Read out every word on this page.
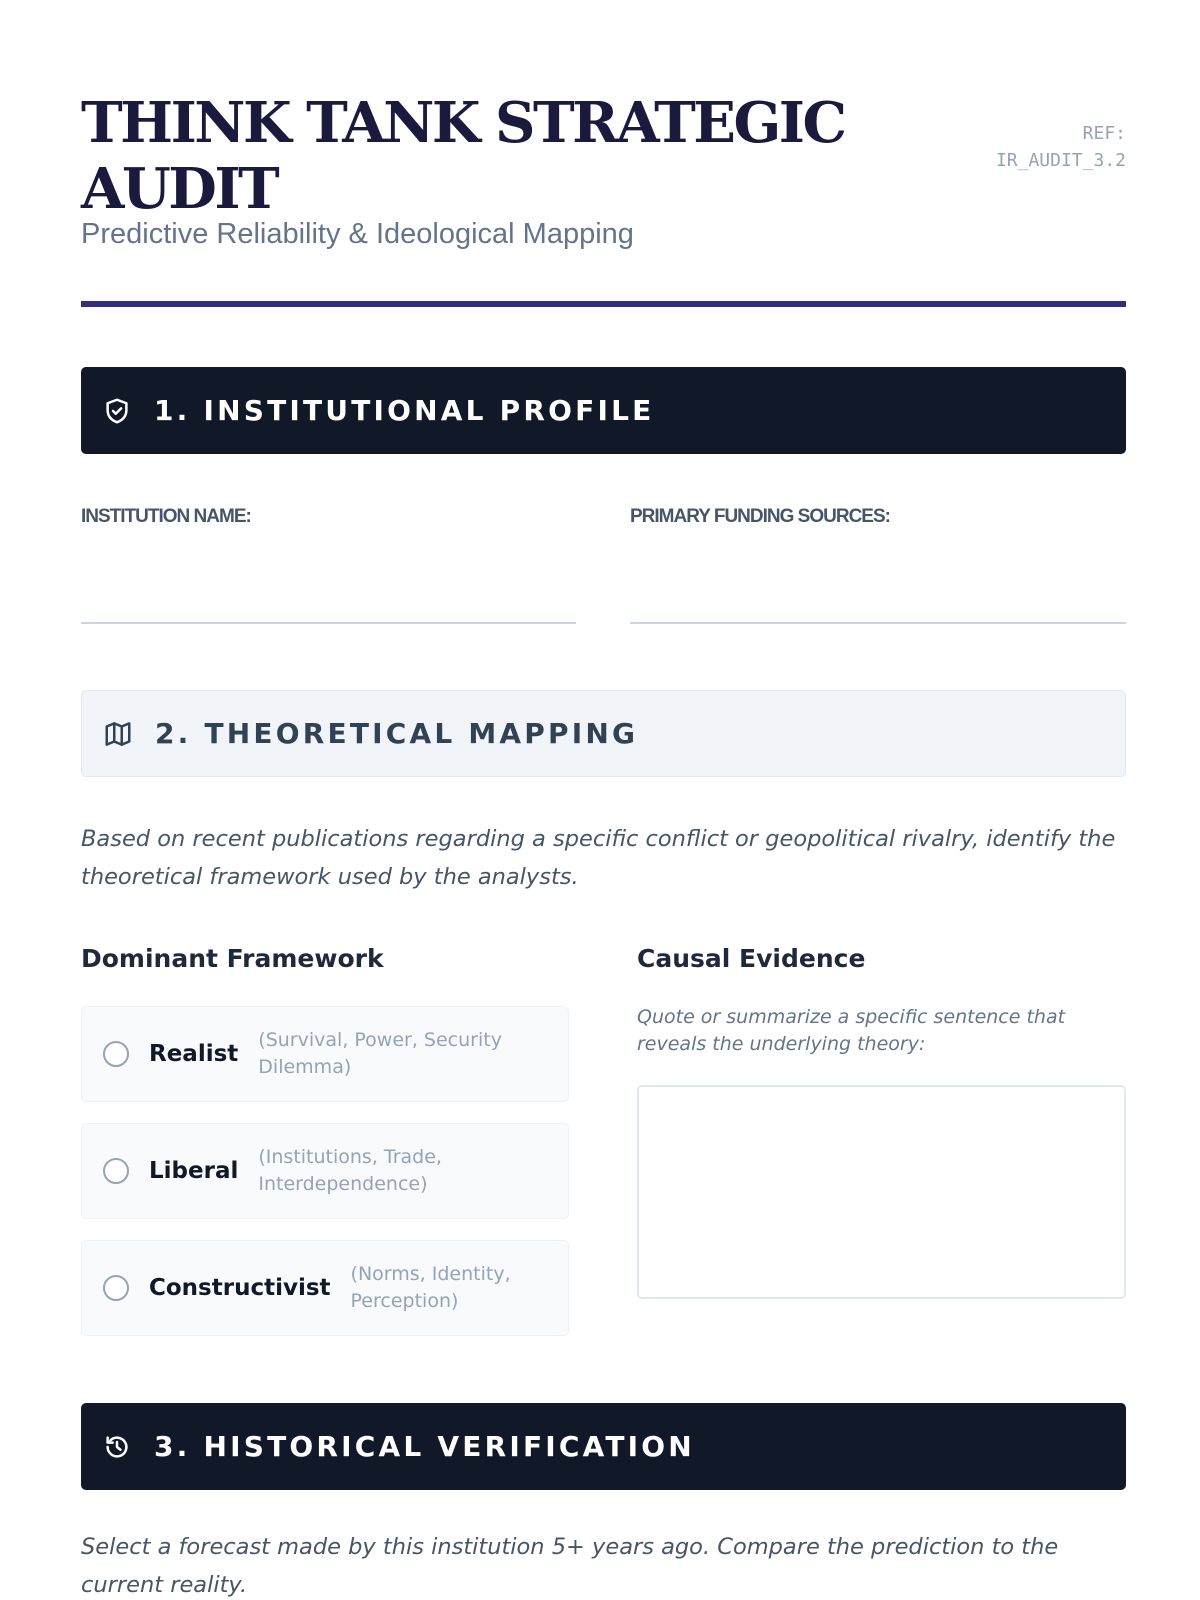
THINK TANK STRATEGIC
AUDIT
Predictive Reliability & Ideological Mapping
REF:
IR_AUDIT_3.2
1. INSTITUTIONAL PROFILE
INSTITUTION NAME:	PRIMARY FUNDING SOURCES:
2. THEORETICAL MAPPING

Based on recent publications regarding a specific conflict or geopolitical rivalry, identify the theoretical framework used by the analysts.

Dominant Framework
Realist
(Survival, Power, Security Dilemma)
Liberal
(Institutions, Trade, Interdependence)
Constructivist
(Norms, Identity, Perception)
Causal Evidence
Quote or summarize a specific sentence that reveals the underlying theory:
3. HISTORICAL VERIFICATION

Select a forecast made by this institution 5+ years ago. Compare the prediction to the current reality.
